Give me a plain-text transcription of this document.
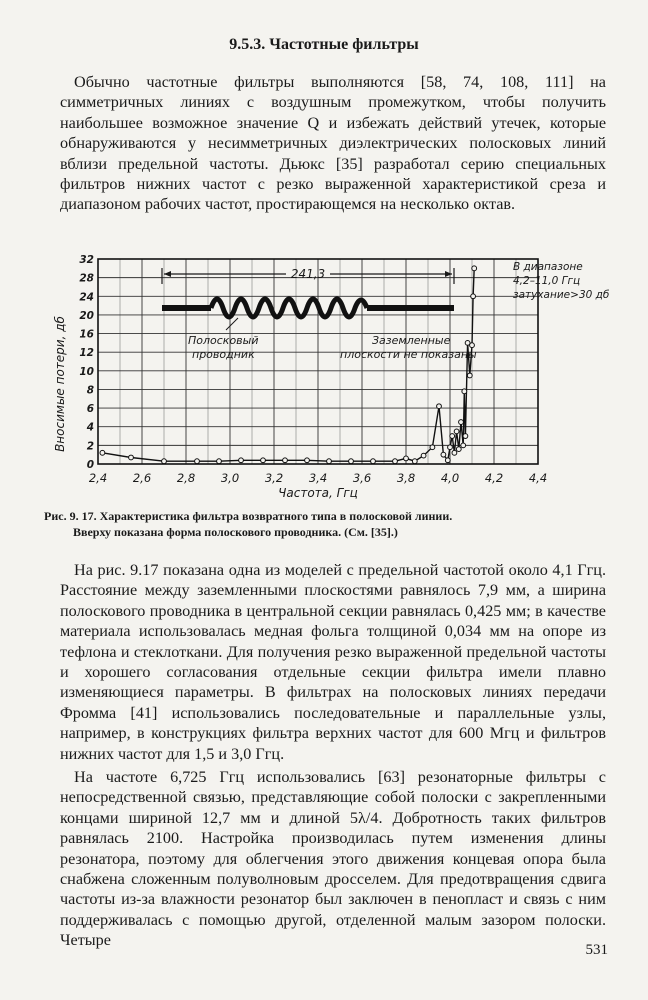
9.5.3. Частотные фильтры

Обычно частотные фильтры выполняются [58, 74, 108, 111] на симметричных линиях с воздушным промежутком, чтобы получить наибольшее возможное значение Q и избежать действий утечек, которые обнаруживаются у несимметричных диэлектрических полосковых линий вблизи предельной частоты. Дьюкс [35] разработал серию специальных фильтров нижних частот с резко выраженной характеристикой среза и диапазоном рабочих частот, простирающемся на несколько октав.

2,4 2,6 2,8 3,0 3,2 3,4 3,6 3,8 4,0 4,2 4,4
0
2
4
6
8
10
12
16
20
24
28
32
241,3
Полосковый
проводник
Заземленные
плоскости не показаны
В диапазоне
4,2–11,0 Ггц
затухание>30 дб
Вносимые потери, дб
Частота, Ггц
Рис. 9. 17. Характеристика фильтра возвратного типа в полосковой линии.
Вверху показана форма полоскового проводника. (См. [35].)

На рис. 9.17 показана одна из моделей с предельной частотой около 4,1 Ггц. Расстояние между заземленными плоскостями равнялось 7,9 мм, а ширина полоскового проводника в центральной секции равнялась 0,425 мм; в качестве материала использовалась медная фольга толщиной 0,034 мм на опоре из тефлона и стеклоткани. Для получения резко выраженной предельной частоты и хорошего согласования отдельные секции фильтра имели плавно изменяющиеся параметры. В фильтрах на полосковых линиях передачи Фромма [41] использовались последовательные и параллельные узлы, например, в конструкциях фильтра верхних частот для 600 Мгц и фильтров нижних частот для 1,5 и 3,0 Ггц.

На частоте 6,725 Ггц использовались [63] резонаторные фильтры с непосредственной связью, представляющие собой полоски с закрепленными концами шириной 12,7 мм и длиной 5λ/4. Добротность таких фильтров равнялась 2100. Настройка производилась путем изменения длины резонатора, поэтому для облегчения этого движения концевая опора была снабжена сложенным полуволновым дросселем. Для предотвращения сдвига частоты из-за влажности резонатор был заключен в пенопласт и связь с ним поддерживалась с помощью другой, отделенной малым зазором полоски. Четыре

531
